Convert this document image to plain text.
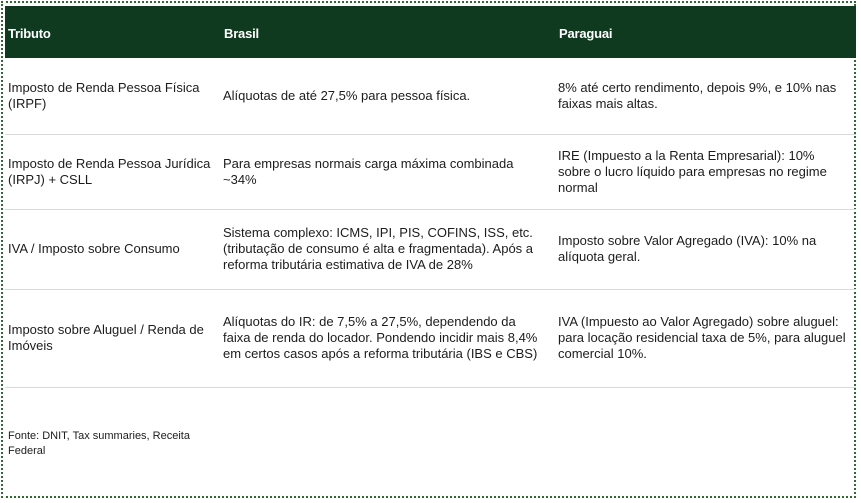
Tributo	Brasil	Paraguai
Imposto de Renda Pessoa Física (IRPF)	Alíquotas de até 27,5% para pessoa física.	8% até certo rendimento, depois 9%, e 10% nas faixas mais altas.
Imposto de Renda Pessoa Jurídica (IRPJ) + CSLL	Para empresas normais carga máxima combinada ~34%	IRE (Impuesto a la Renta Empresarial): 10% sobre o lucro líquido para empresas no regime normal
IVA / Imposto sobre Consumo	Sistema complexo: ICMS, IPI, PIS, COFINS, ISS, etc. (tributação de consumo é alta e fragmentada). Após a reforma tributária estimativa de IVA de 28%	Imposto sobre Valor Agregado (IVA): 10% na alíquota geral.
Imposto sobre Aluguel / Renda de Imóveis	Alíquotas do IR: de 7,5% a 27,5%, dependendo da faixa de renda do locador. Pondendo incidir mais 8,4% em certos casos após a reforma tributária (IBS e CBS)	IVA (Impuesto ao Valor Agregado) sobre aluguel: para locação residencial taxa de 5%, para aluguel comercial 10%.

Fonte: DNIT, Tax summaries, Receita Federal		
